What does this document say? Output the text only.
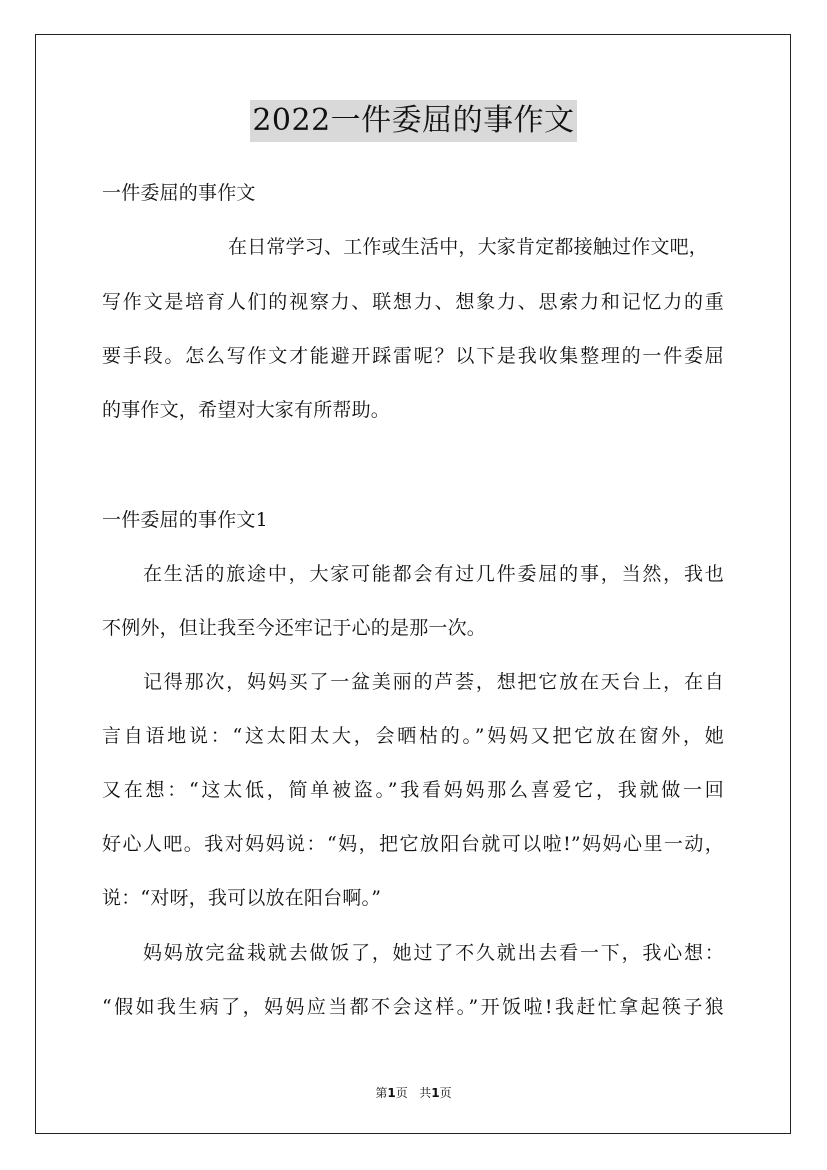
2022一件委屈的事作文
一件委屈的事作文
在日常学习、工作或生活中，大家肯定都接触过作文吧，
写作文是培育人们的视察力、联想力、想象力、思索力和记忆力的重
要手段。怎么写作文才能避开踩雷呢？以下是我收集整理的一件委屈
的事作文，希望对大家有所帮助。
一件委屈的事作文1
在生活的旅途中，大家可能都会有过几件委屈的事，当然，我也
不例外，但让我至今还牢记于心的是那一次。
记得那次，妈妈买了一盆美丽的芦荟，想把它放在天台上，在自
言自语地说：“这太阳太大，会晒枯的。”妈妈又把它放在窗外，她
又在想：“这太低，简单被盗。”我看妈妈那么喜爱它，我就做一回
好心人吧。我对妈妈说：“妈，把它放阳台就可以啦!”妈妈心里一动，
说：“对呀，我可以放在阳台啊。”
妈妈放完盆栽就去做饭了，她过了不久就出去看一下，我心想：
“假如我生病了，妈妈应当都不会这样。”开饭啦!我赶忙拿起筷子狼
第1页   共1页
